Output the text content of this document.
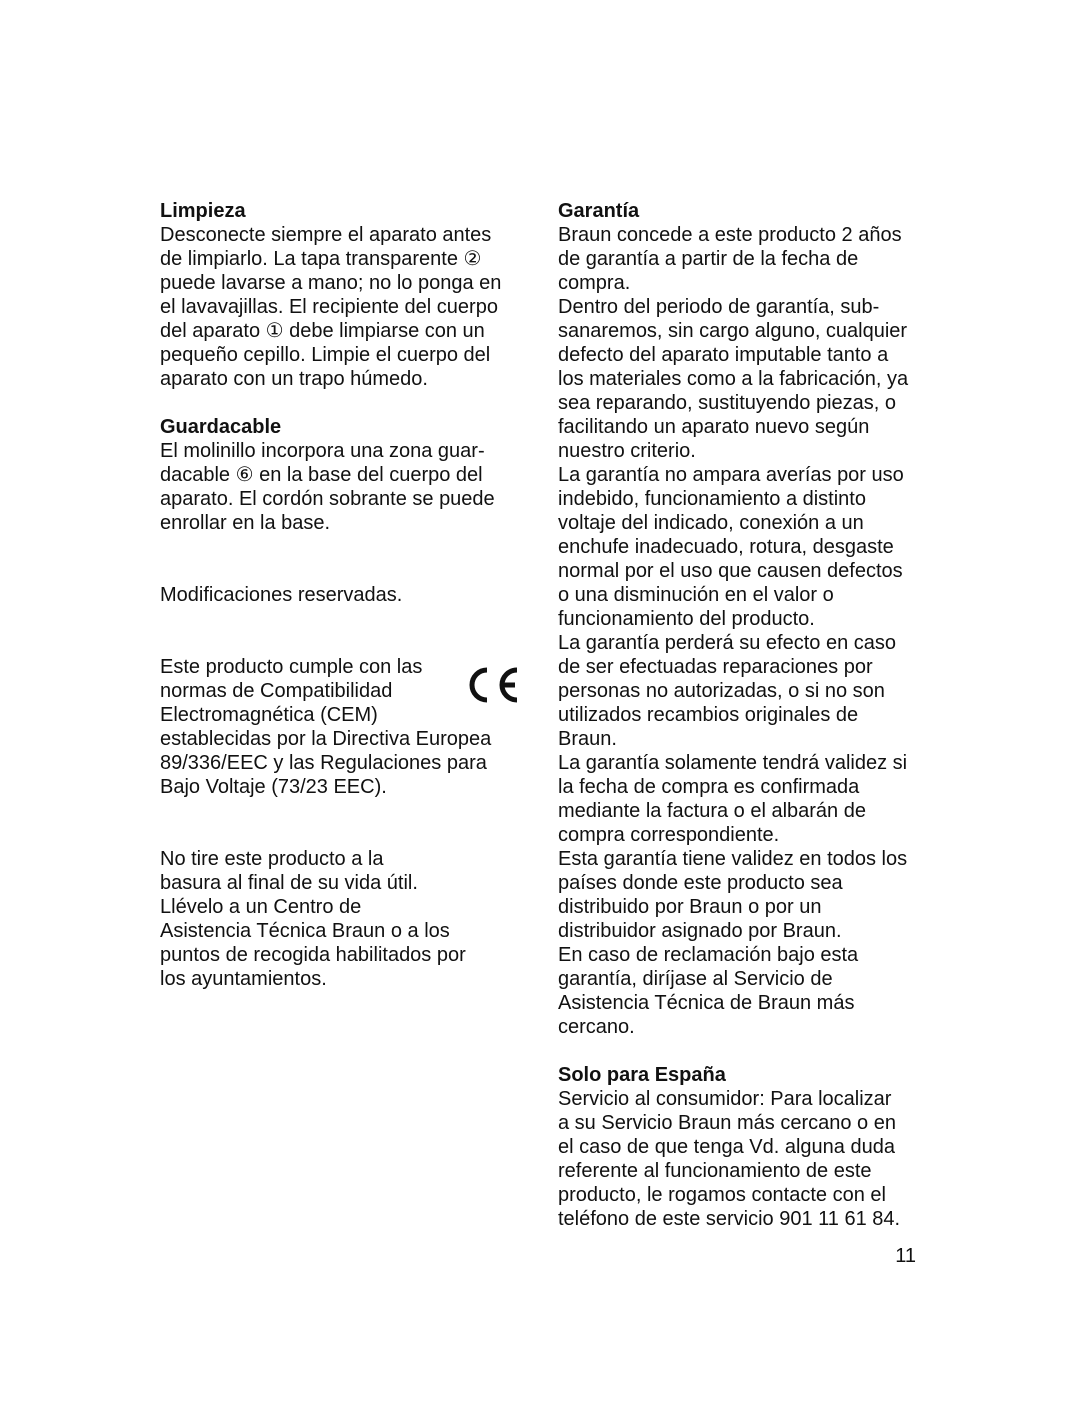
Limpieza
Desconecte siempre el aparato antes
de limpiarlo. La tapa transparente ②
puede lavarse a mano; no lo ponga en
el lavavajillas. El recipiente del cuerpo
del aparato ① debe limpiarse con un
pequeño cepillo. Limpie el cuerpo del
aparato con un trapo húmedo.
Guardacable
El molinillo incorpora una zona guar-
dacable ⑥ en la base del cuerpo del
aparato. El cordón sobrante se puede
enrollar en la base.
Modificaciones reservadas.
Este producto cumple con las
normas de Compatibilidad
Electromagnética (CEM)
establecidas por la Directiva Europea
89/336/EEC y las Regulaciones para
Bajo Voltaje (73/23 EEC).
No tire este producto a la
basura al final de su vida útil.
Llévelo a un Centro de
Asistencia Técnica Braun o a los
puntos de recogida habilitados por
los ayuntamientos.
Garantía
Braun concede a este producto 2 años
de garantía a partir de la fecha de
compra.
Dentro del periodo de garantía, sub-
sanaremos, sin cargo alguno, cualquier
defecto del aparato imputable tanto a
los materiales como a la fabricación, ya
sea reparando, sustituyendo piezas, o
facilitando un aparato nuevo según
nuestro criterio.
La garantía no ampara averías por uso
indebido, funcionamiento a distinto
voltaje del indicado, conexión a un
enchufe inadecuado, rotura, desgaste
normal por el uso que causen defectos
o una disminución en el valor o
funcionamiento del producto.
La garantía perderá su efecto en caso
de ser efectuadas reparaciones por
personas no autorizadas, o si no son
utilizados recambios originales de
Braun.
La garantía solamente tendrá validez si
la fecha de compra es confirmada
mediante la factura o el albarán de
compra correspondiente.
Esta garantía tiene validez en todos los
países donde este producto sea
distribuido por Braun o por un
distribuidor asignado por Braun.
En caso de reclamación bajo esta
garantía, diríjase al Servicio de
Asistencia Técnica de Braun más
cercano.
Solo para España
Servicio al consumidor: Para localizar
a su Servicio Braun más cercano o en
el caso de que tenga Vd. alguna duda
referente al funcionamiento de este
producto, le rogamos contacte con el
teléfono de este servicio 901 11 61 84.
11
